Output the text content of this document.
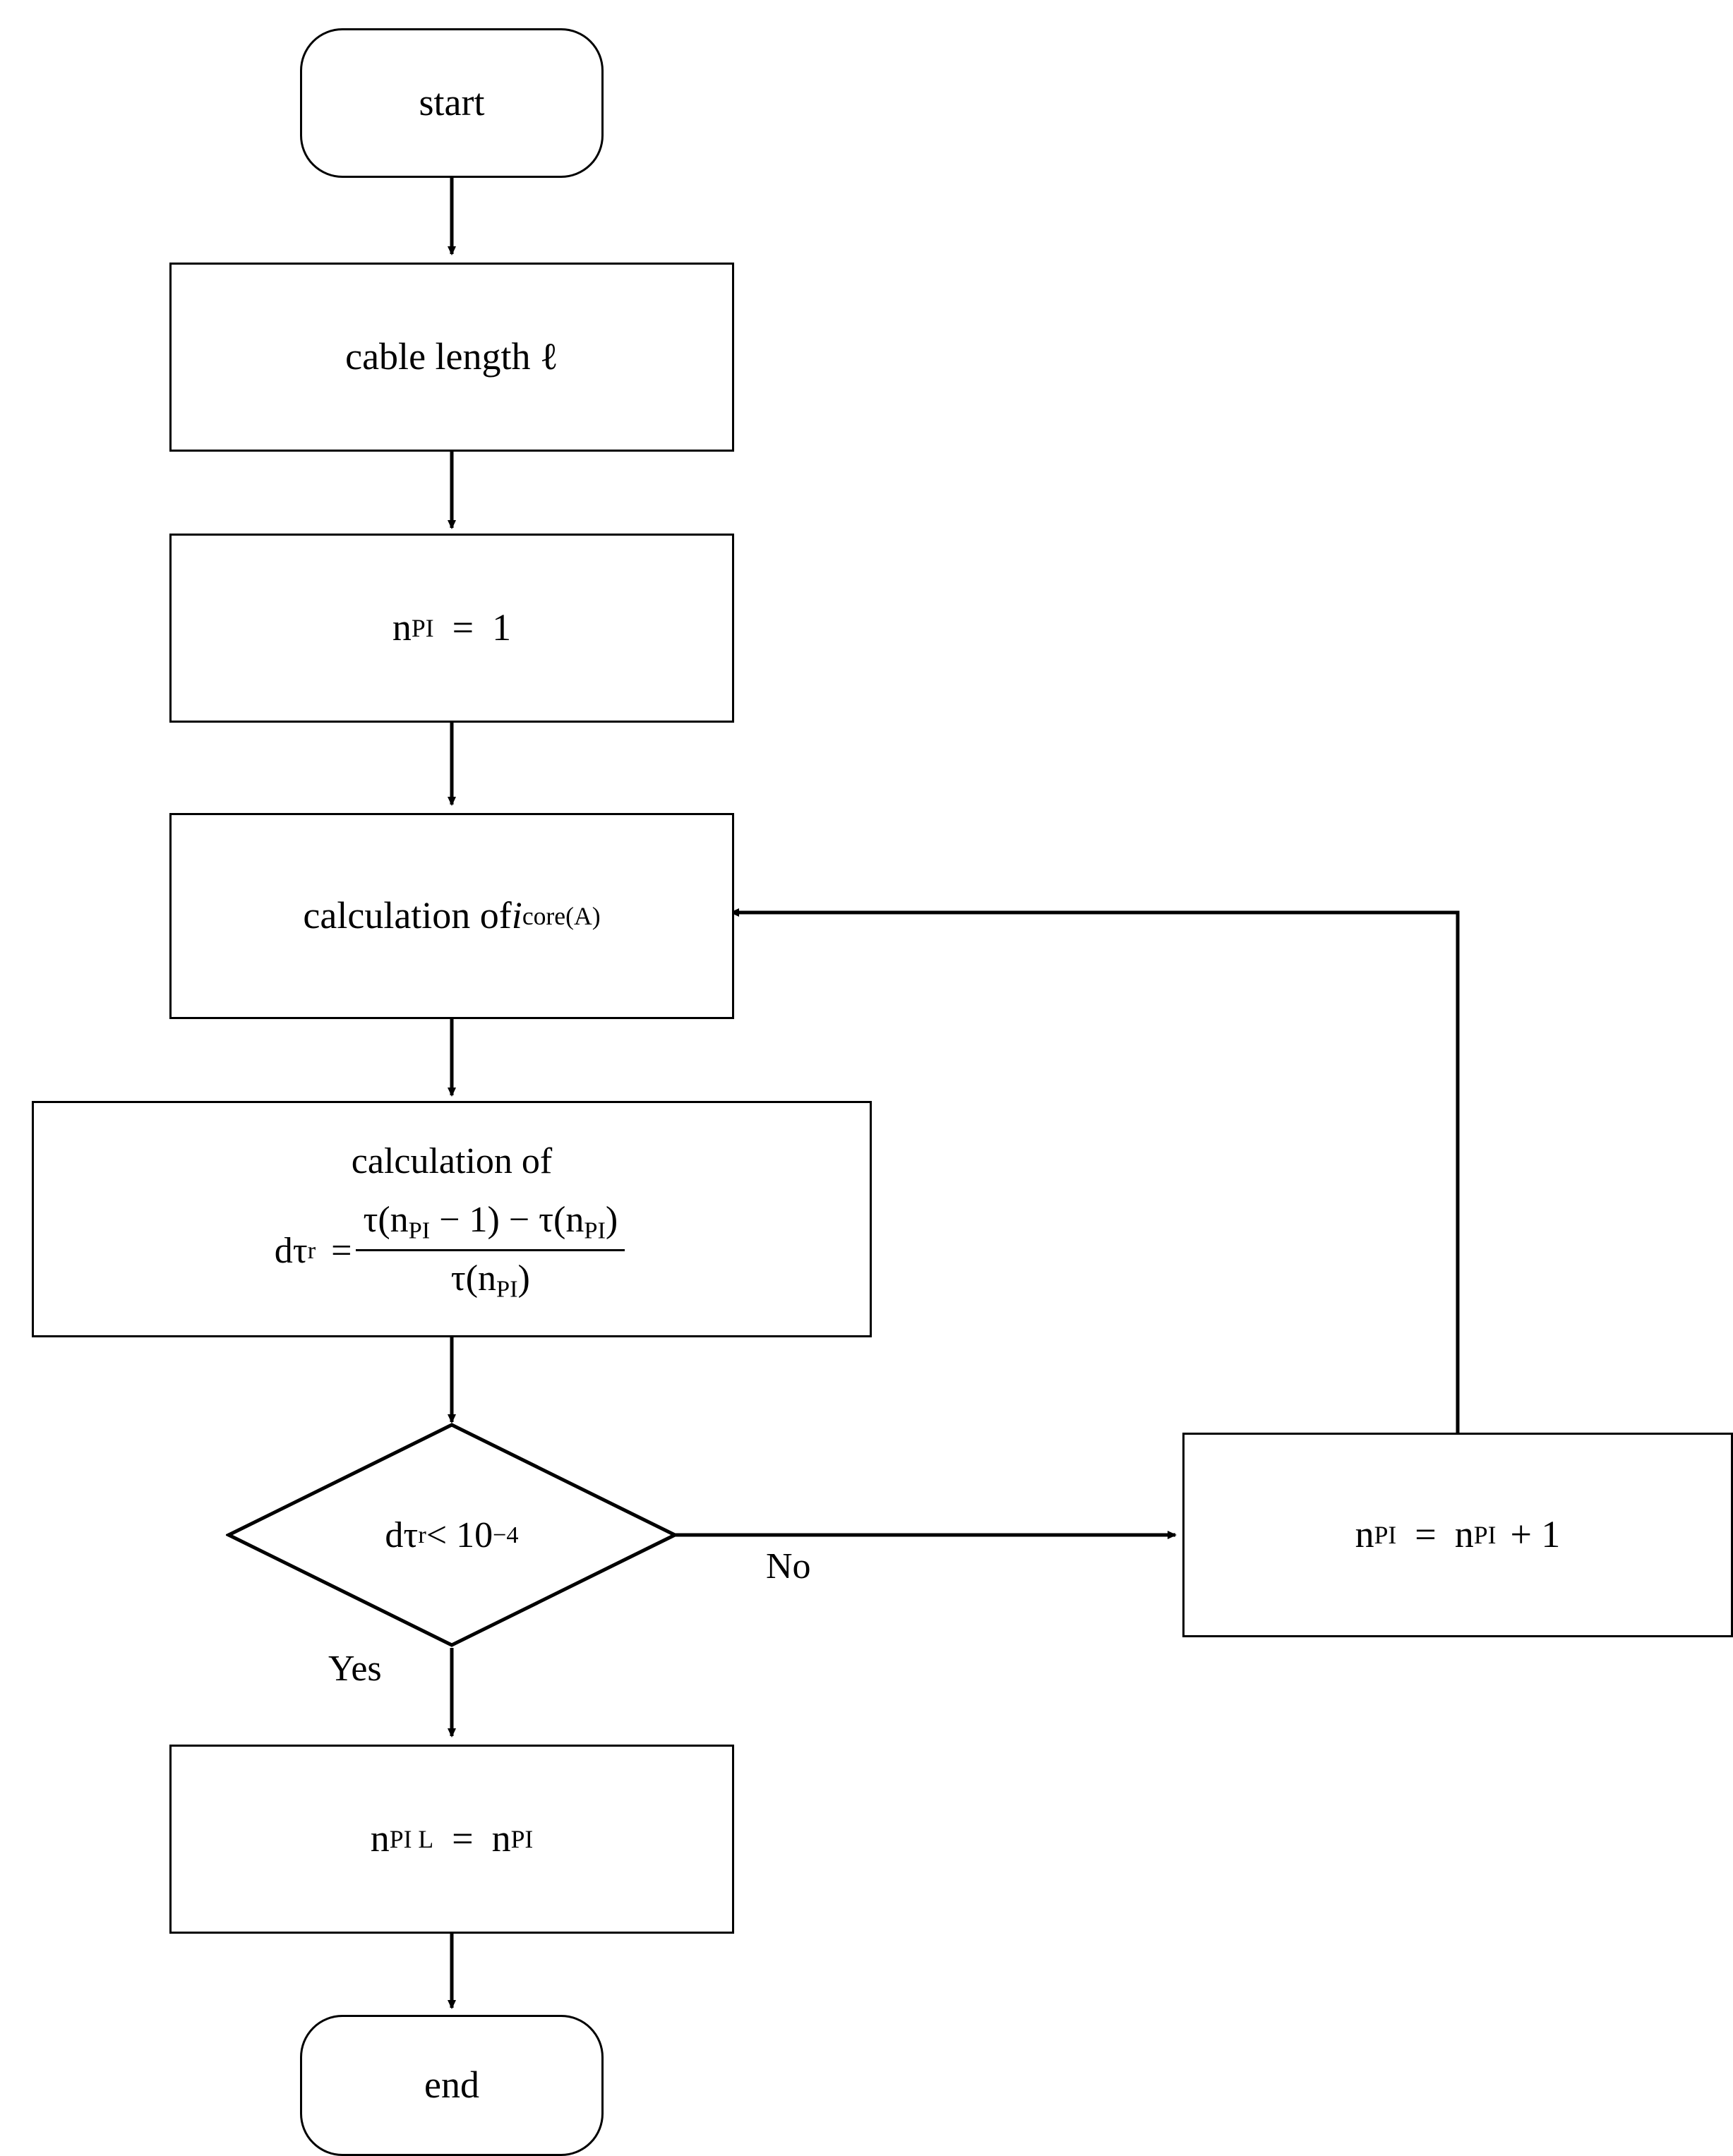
start
cable length ℓ
n PI = 1
calculation of i core(A)
calculation of
dτ $r = \frac{\tau(n_{PI} - 1) - \tau(n_{PI})}{\tau(n_{PI})}$
dτ r < 10 −4
No
Yes
n PI = n PI + 1
n PI L = n PI
end
